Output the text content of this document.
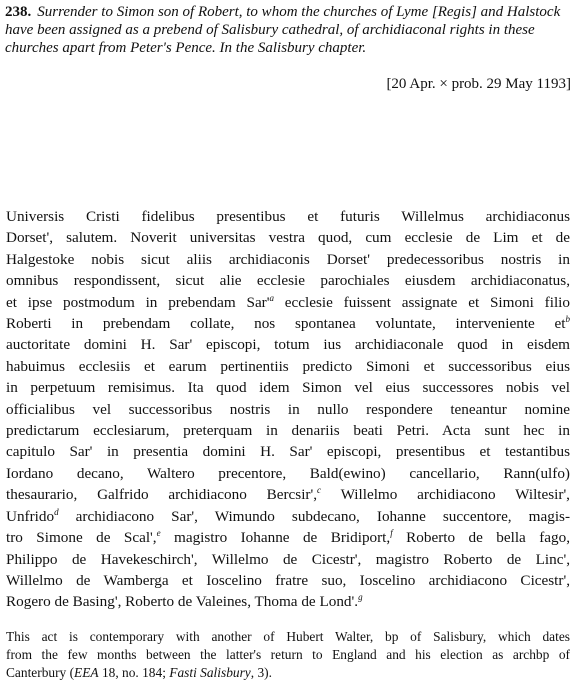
238. Surrender to Simon son of Robert, to whom the churches of Lyme [Regis] and Halstock have been assigned as a prebend of Salisbury cathedral, of archidiaconal rights in these churches apart from Peter's Pence. In the Salisbury chapter.
[20 Apr. × prob. 29 May 1193]
Universis Cristi fidelibus presentibus et futuris Willelmus archidiaconus
Dorset', salutem. Noverit universitas vestra quod, cum ecclesie de Lim et de
Halgestoke nobis sicut aliis archidiaconis Dorset' predecessoribus nostris in
omnibus respondissent, sicut alie ecclesie parochiales eiusdem archidiaconatus,
et ipse postmodum in prebendam Sar'$^a$ ecclesie fuissent assignate et Simoni filio
Roberti in prebendam collate, nos spontanea voluntate, interveniente et$^b$
auctoritate domini H. Sar' episcopi, totum ius archidiaconale quod in eisdem
habuimus ecclesiis et earum pertinentiis predicto Simoni et successoribus eius
in perpetuum remisimus. Ita quod idem Simon vel eius successores nobis vel
officialibus vel successoribus nostris in nullo respondere teneantur nomine
predictarum ecclesiarum, preterquam in denariis beati Petri. Acta sunt hec in
capitulo Sar' in presentia domini H. Sar' episcopi, presentibus et testantibus
Iordano decano, Waltero precentore, Bald(ewino) cancellario, Rann(ulfo)
thesaurario, Galfrido archidiacono Bercsir',$^c$ Willelmo archidiacono Wiltesir',
Unfrido$^d$ archidiacono Sar', Wimundo subdecano, Iohanne succentore, magis-
tro Simone de Scal',$^e$ magistro Iohanne de Bridiport,$^f$ Roberto de bella fago,
Philippo de Havekeschirch', Willelmo de Cicestr', magistro Roberto de Linc',
Willelmo de Wamberga et Ioscelino fratre suo, Ioscelino archidiacono Cicestr',
Rogero de Basing', Roberto de Valeines, Thoma de Lond'.$^g$
This act is contemporary with another of Hubert Walter, bp of Salisbury, which dates
from the few months between the latter's return to England and his election as archbp of
Canterbury (EEA 18, no. 184; Fasti Salisbury, 3).
